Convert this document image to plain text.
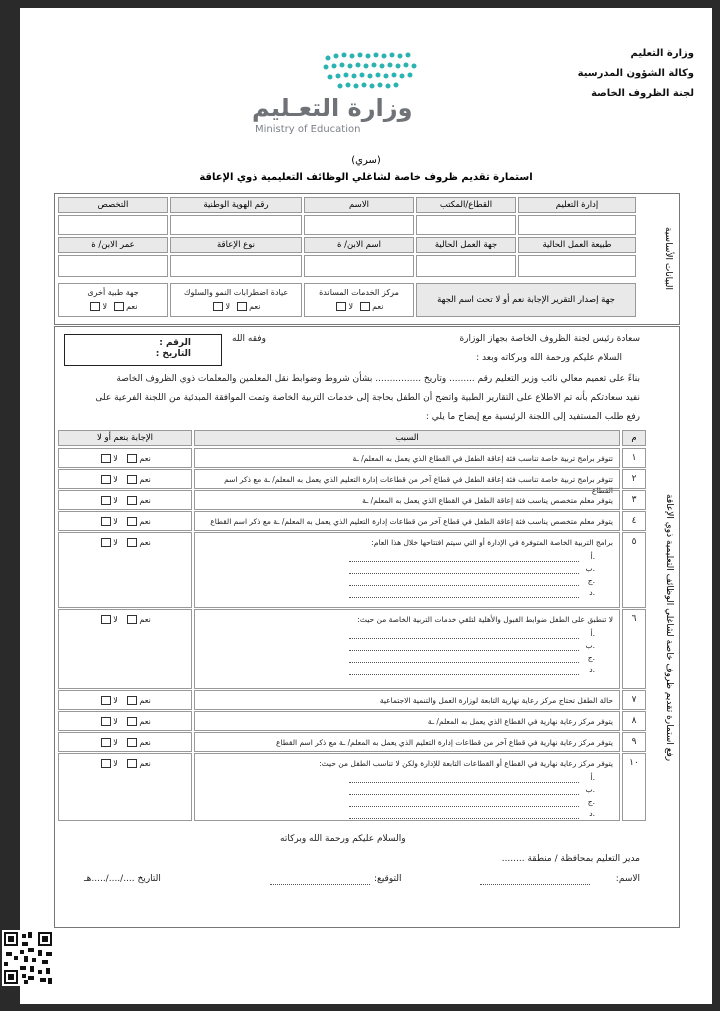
وزارة التعليم
وكالة الشؤون المدرسية
لجنة الظروف الخاصة
وزارة التعـليم
Ministry of Education
(سري)
استمارة تقديم ظروف خاصة لشاغلي الوظائف التعليمية ذوي الإعاقة
البيانات الأساسية
إدارة التعليم
القطاع/المكتب
الاسم
رقم الهوية الوطنية
التخصص
طبيعة العمل الحالية
جهة العمل الحالية
اسم الابن/ ة
نوع الإعاقة
عمر الابن/ ة
جهة إصدار التقرير الإجابة نعم أو لا تحت اسم الجهة
مركز الخدمات المساندة
نعم  لا
عيادة اضطرابات النمو والسلوك
نعم  لا
جهة طبية أخرى
نعم  لا
رفع استمارة تقديم ظروف خاصة لشاغلي الوظائف التعليمية ذوي الإعاقة
سعادة رئيس لجنة الظروف الخاصة بجهاز الوزارة
وفقه الله
الرقم :
التاريخ :	السلام عليكم ورحمة الله وبركاته وبعد :
بناءً على تعميم معالي نائب وزير التعليم رقم ......... وتاريخ ................ بشأن شروط وضوابط نقل المعلمين والمعلمات ذوي الظروف الخاصة
نفيد سعادتكم بأنه تم الاطلاع على التقارير الطبية واتضح أن الطفل بحاجة إلى خدمات التربية الخاصة وتمت الموافقة المبدئية من اللجنة الفرعية على
رفع طلب المستفيد إلى اللجنة الرئيسية مع إيضاح ما يلي :
م
السبب
الإجابة بنعم أو لا
١
تتوفر برامج تربية خاصة تناسب فئة إعاقة الطفل في القطاع الذي يعمل به المعلم/ ـة
نعم   لا
٢
تتوفر برامج تربية خاصة تناسب فئة إعاقة الطفل في قطاع آخر من قطاعات إدارة التعليم الذي يعمل به المعلم/ ـة مع ذكر اسم القطاع
نعم   لا
٣
يتوفر معلم متخصص يناسب فئة إعاقة الطفل في القطاع الذي يعمل به المعلم/ ـة
نعم   لا
٤
يتوفر معلم متخصص يناسب فئة إعاقة الطفل في قطاع آخر من قطاعات إدارة التعليم الذي يعمل به المعلم/ ـة مع ذكر اسم القطاع
نعم   لا
٥
برامج التربية الخاصة المتوفرة في الإدارة أو التي سيتم افتتاحها خلال هذا العام:
أ.
ب.
ج.
د.
نعم   لا
٦
لا تنطبق على الطفل ضوابط القبول والأهلية لتلقي خدمات التربية الخاصة من حيث:
أ.
ب.
ج.
د.
نعم   لا
٧
حالة الطفل تحتاج مركز رعاية نهارية التابعة لوزارة العمل والتنمية الاجتماعية
نعم   لا
٨
يتوفر مركز رعاية نهارية في القطاع الذي يعمل به المعلم/ ـة
نعم   لا
٩
يتوفر مركز رعاية نهارية في قطاع آخر من قطاعات إدارة التعليم الذي يعمل به المعلم/ ـة مع ذكر اسم القطاع
نعم   لا
١٠
يتوفر مركز رعاية نهارية في القطاع أو القطاعات التابعة للإدارة ولكن لا تناسب الطفل من حيث:
أ.
ب.
ج.
د.
نعم   لا
والسلام عليكم ورحمة الله وبركاته
مدير التعليم بمحافظة / منطقة ........
الاسم:
التوقيع:
التاريخ ..../..../.....هـ
